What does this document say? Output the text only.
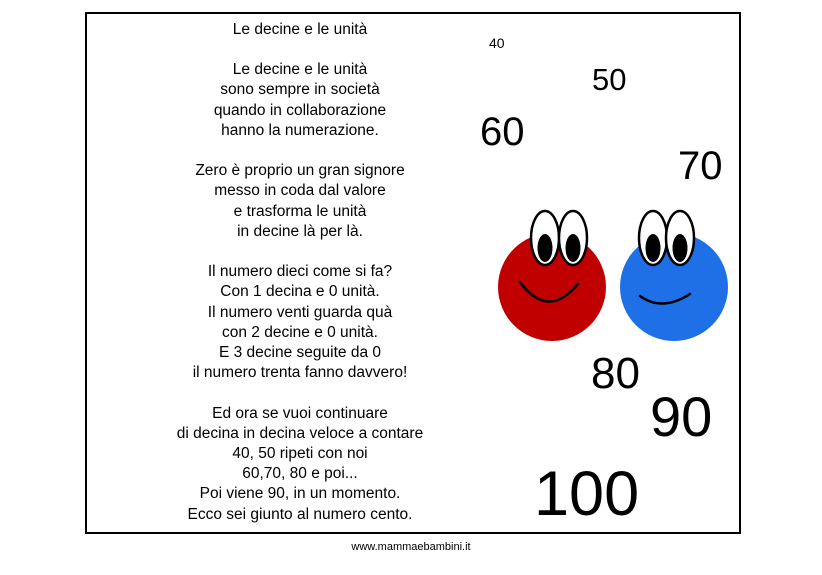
Le decine e le unità
Le decine e le unità
sono sempre in società
quando in collaborazione
hanno la numerazione.
Zero è proprio un gran signore
messo in coda dal valore
e trasforma le unità
in decine là per là.
Il numero dieci come si fa?
Con 1 decina e 0 unità.
Il numero venti guarda quà
con 2 decine e 0 unità.
E 3 decine seguite da 0
il numero trenta fanno davvero!
Ed ora se vuoi continuare
di decina in decina veloce a contare
40, 50 ripeti con noi
60,70, 80 e poi...
Poi viene 90, in un momento.
Ecco sei giunto al numero cento.
40
50
60
70
80
90
100
www.mammaebambini.it
